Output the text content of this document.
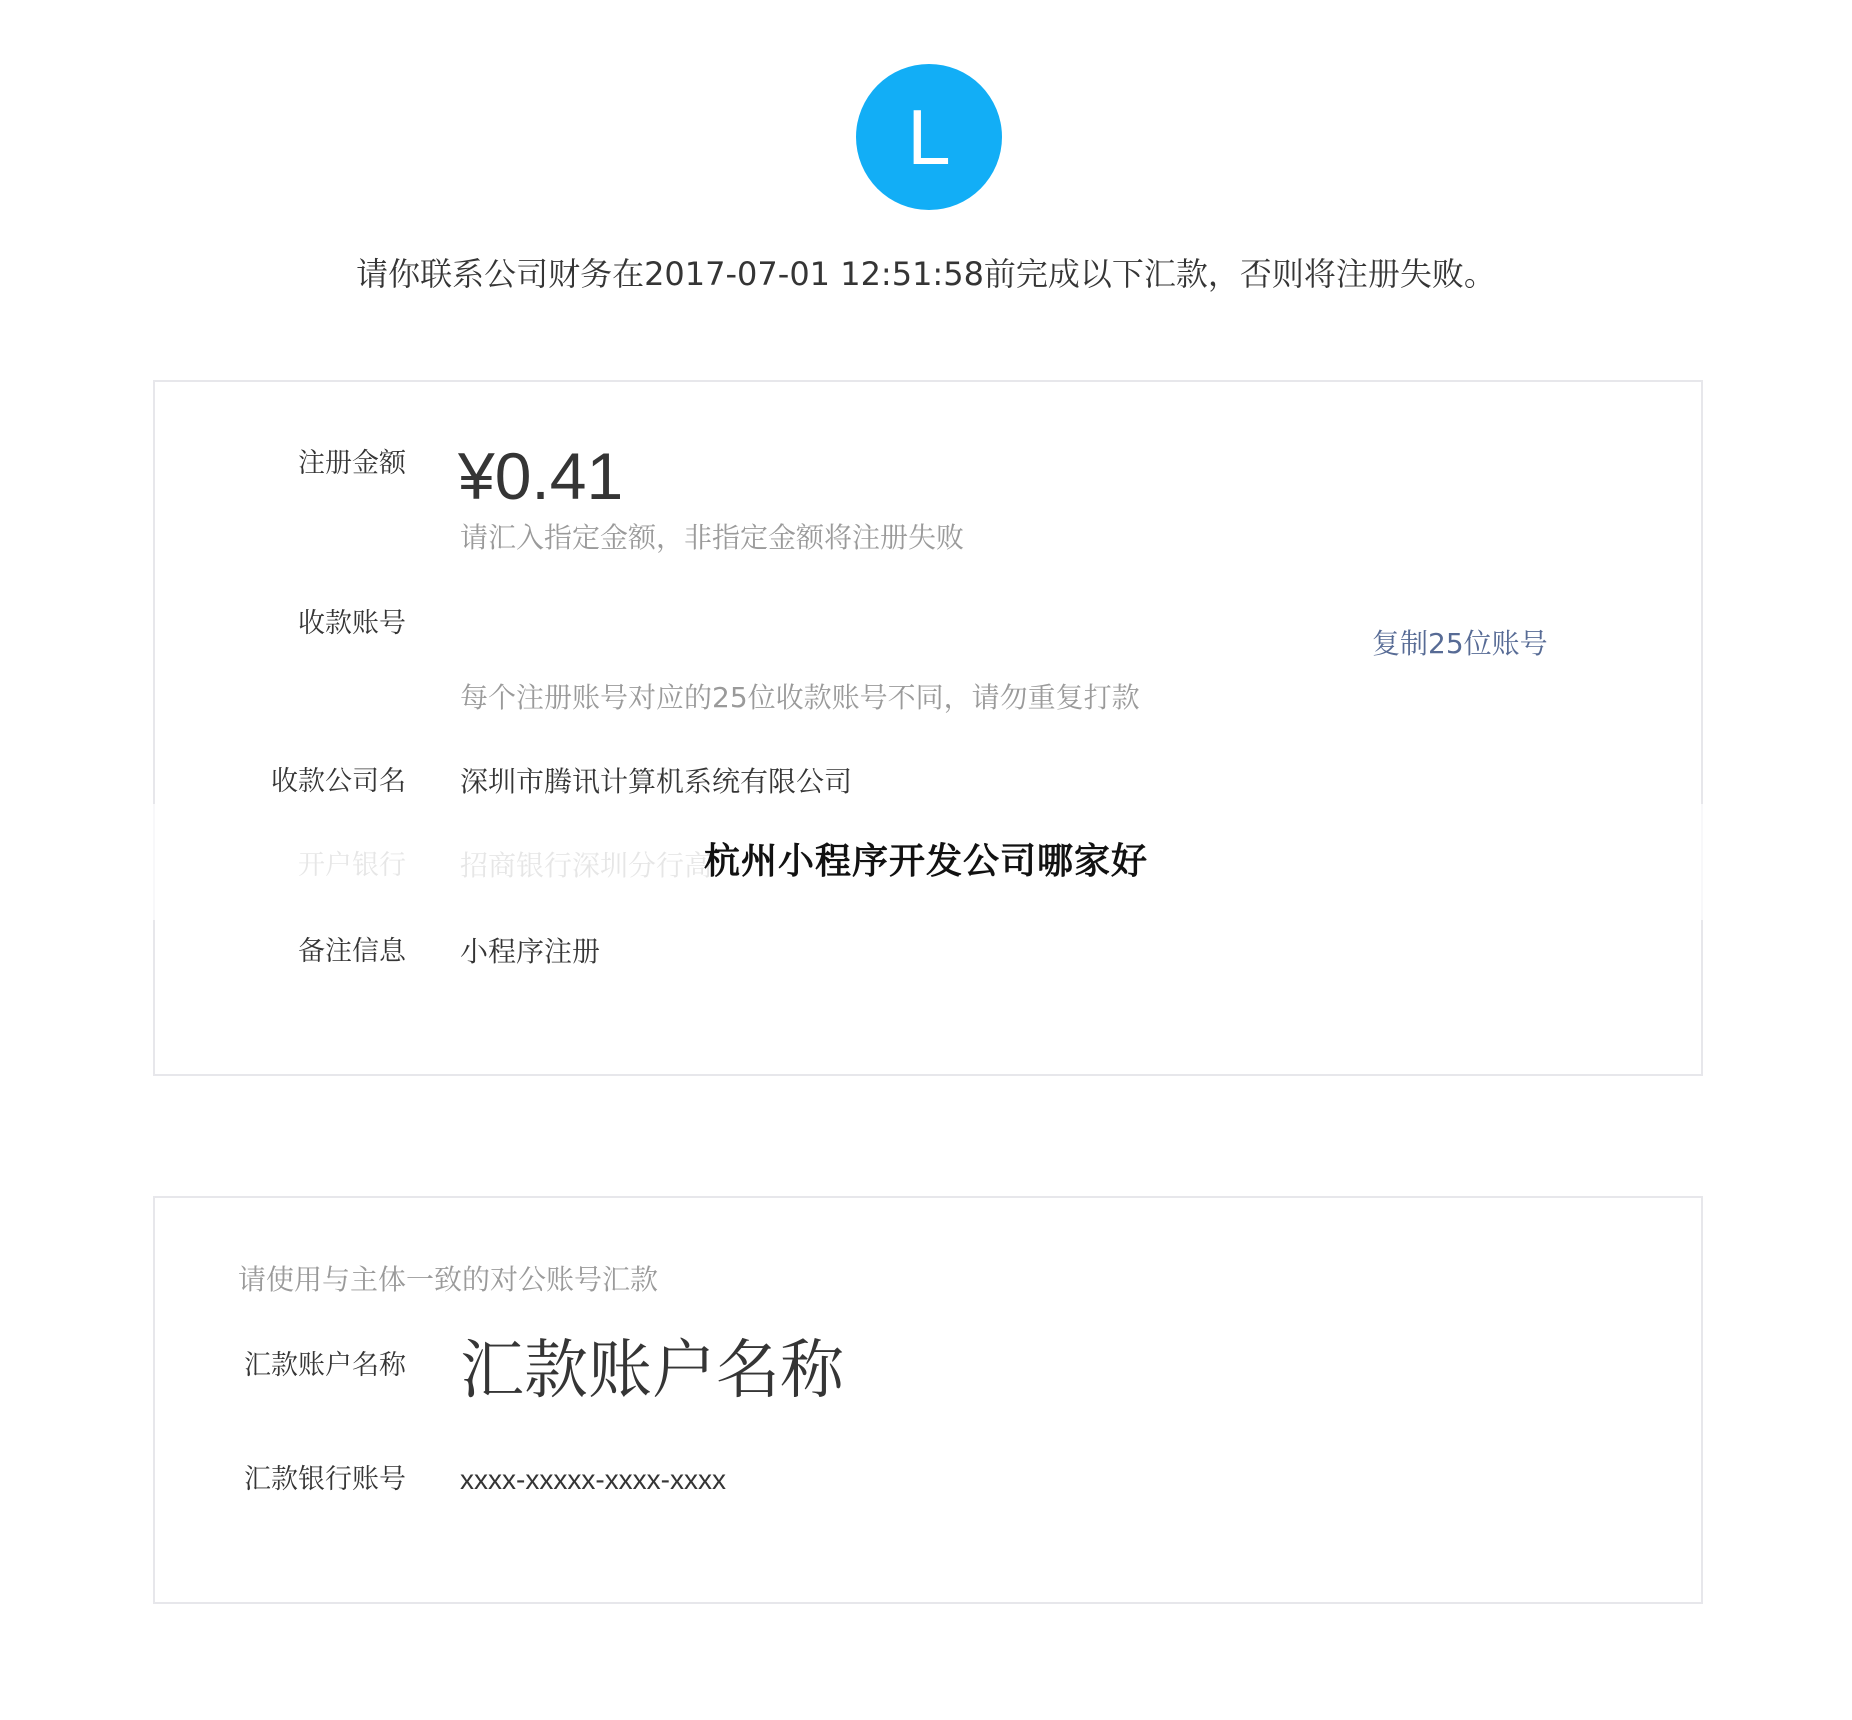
L
请你联系公司财务在2017-07-01 12:51:58前完成以下汇款，否则将注册失败。
注册金额 ¥0.41
请汇入指定金额，非指定金额将注册失败
收款账号
复制25位账号
每个注册账号对应的25位收款账号不同，请勿重复打款
收款公司名 深圳市腾讯计算机系统有限公司
备注信息 小程序注册
杭州小程序开发公司哪家好
请使用与主体一致的对公账号汇款
汇款账户名称 汇款账户名称
汇款银行账号 xxxx-xxxxx-xxxx-xxxx
